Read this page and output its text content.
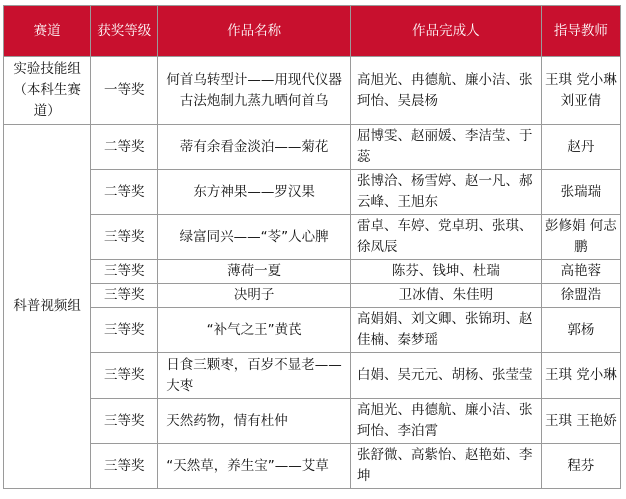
赛道	获奖等级	作品名称	作品完成人	指导教师
实验技能组（本科生赛道）	一等奖	何首乌转型计——用现代仪器古法炮制九蒸九晒何首乌	高旭光、冉德航、廉小洁、张珂怡、吴晨杨	王琪 党小琳 刘亚倩
科普视频组	二等奖	蒂有余看金淡泊——菊花	屈博雯、赵丽媛、李洁莹、于蕊	赵丹
	二等奖	东方神果——罗汉果	张博洽、杨雪婷、赵一凡、郝云峰、王旭东	张瑞瑞
	三等奖	绿富同兴——“苓”人心脾	雷卓、车婷、党卓玥、张琪、徐凤辰	彭修娟 何志鹏
	三等奖	薄荷一夏	陈芬、钱坤、杜瑞	高艳蓉
	三等奖	决明子	卫冰倩、朱佳明	徐盟浩
	三等奖	“补气之王”黄芪	高娟娟、刘文卿、张锦玥、赵佳楠、秦梦瑶	郭杨
	三等奖	日食三颗枣，百岁不显老——大枣	白娟、吴元元、胡杨、张莹莹	王琪 党小琳
	三等奖	天然药物，情有杜仲	高旭光、冉德航、廉小洁、张珂怡、李泊霄	王琪 王艳娇
	三等奖	“天然草，养生宝”——艾草	张舒微、高紫怡、赵艳茹、李坤	程芬
